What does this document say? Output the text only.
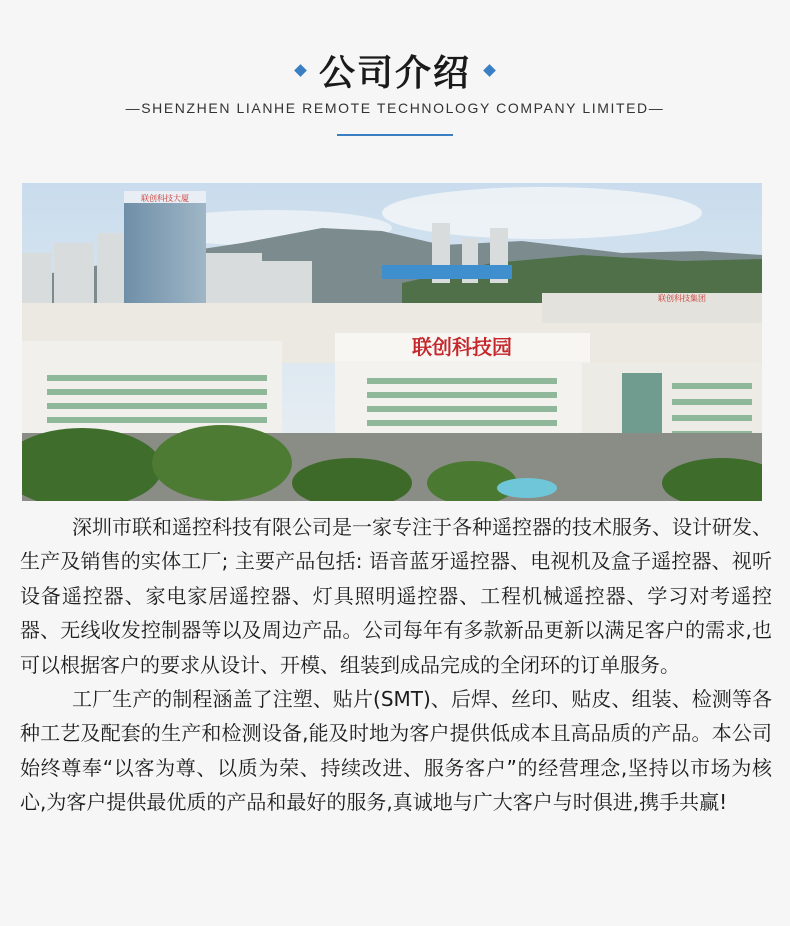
公司介绍
—SHENZHEN LIANHE REMOTE TECHNOLOGY COMPANY LIMITED—
联创科技大厦
联创科技集团
联创科技园

深圳市联和遥控科技有限公司是一家专注于各种遥控器的技术服务、设计研发、生产及销售的实体工厂; 主要产品包括: 语音蓝牙遥控器、电视机及盒子遥控器、视听设备遥控器、家电家居遥控器、灯具照明遥控器、工程机械遥控器、学习对考遥控器、无线收发控制器等以及周边产品。公司每年有多款新品更新以满足客户的需求,也可以根据客户的要求从设计、开模、组装到成品完成的全闭环的订单服务。

工厂生产的制程涵盖了注塑、贴片(SMT)、后焊、丝印、贴皮、组装、检测等各种工艺及配套的生产和检测设备,能及时地为客户提供低成本且高品质的产品。本公司始终尊奉“以客为尊、以质为荣、持续改进、服务客户”的经营理念,坚持以市场为核心,为客户提供最优质的产品和最好的服务,真诚地与广大客户与时俱进,携手共赢!
